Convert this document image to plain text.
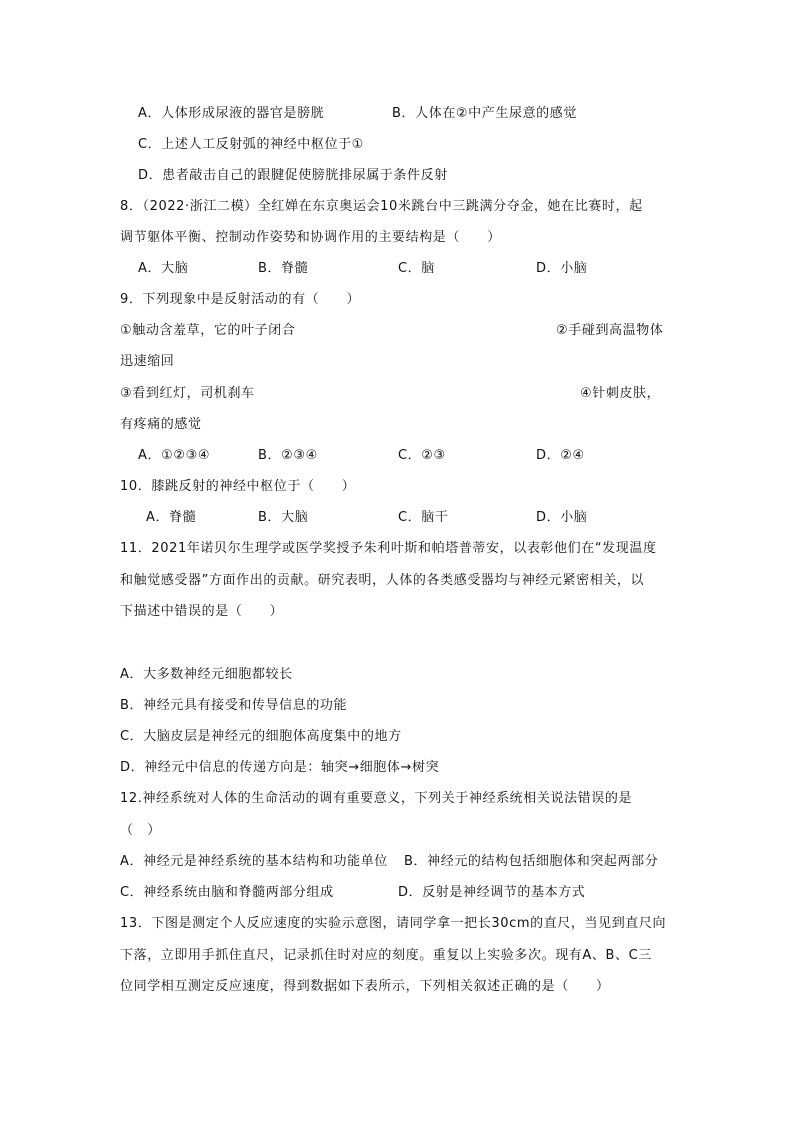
A．人体形成尿液的器官是膀胱	B．人体在②中产生尿意的感觉
C．上述人工反射弧的神经中枢位于①
D．患者敲击自己的跟腱促使膀胱排尿属于条件反射
8．（2022·浙江二模）全红婵在东京奥运会10米跳台中三跳满分夺金，她在比赛时，起
调节躯体平衡、控制动作姿势和协调作用的主要结构是（　　）
A．大脑	B．脊髓	C．脑	D．小脑
9．下列现象中是反射活动的有（　　）
①触动含羞草，它的叶子闭合	②手碰到高温物体
迅速缩回
③看到红灯，司机刹车	④针刺皮肤，
有疼痛的感觉
A．①②③④	B．②③④	C．②③	D．②④
10．膝跳反射的神经中枢位于（　　）
A．脊髓	B．大脑	C．脑干	D．小脑
11．2021年诺贝尔生理学或医学奖授予朱利叶斯和帕塔普蒂安，以表彰他们在“发现温度
和触觉感受器”方面作出的贡献。研究表明，人体的各类感受器均与神经元紧密相关，以
下描述中错误的是（　　）
A．大多数神经元细胞都较长
B．神经元具有接受和传导信息的功能
C．大脑皮层是神经元的细胞体高度集中的地方
D．神经元中信息的传递方向是：轴突→细胞体→树突
12.神经系统对人体的生命活动的调有重要意义，下列关于神经系统相关说法错误的是
（　）
A．神经元是神经系统的基本结构和功能单位 B．神经元的结构包括细胞体和突起两部分
C．神经系统由脑和脊髓两部分组成	D．反射是神经调节的基本方式
13．下图是测定个人反应速度的实验示意图，请同学拿一把长30cm的直尺，当见到直尺向
下落，立即用手抓住直尺，记录抓住时对应的刻度。重复以上实验多次。现有A、B、C三
位同学相互测定反应速度，得到数据如下表所示，下列相关叙述正确的是（　　）
